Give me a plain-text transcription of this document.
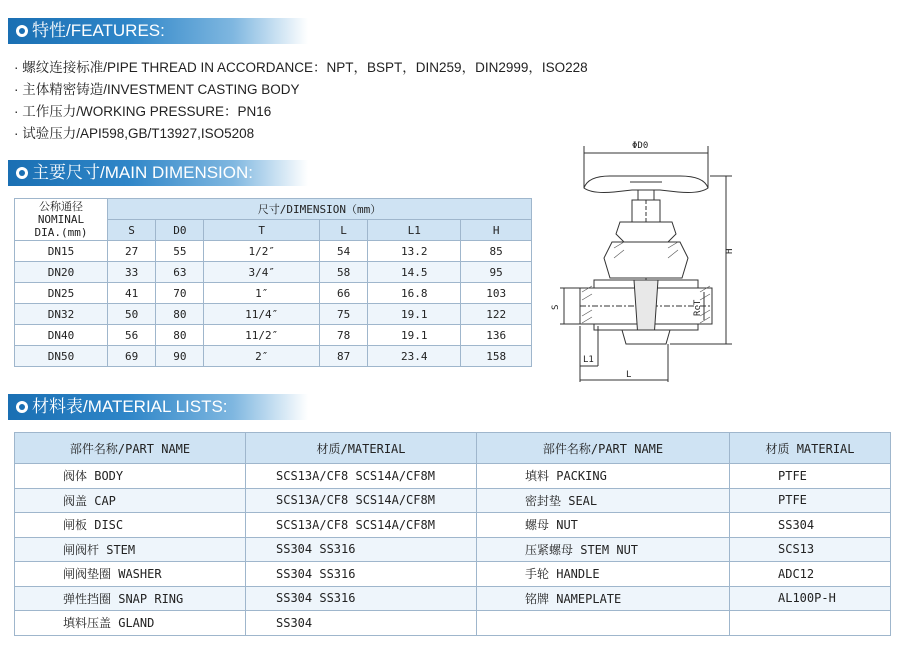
特性/FEATURES:
· 螺纹连接标准/PIPE THREAD IN ACCORDANCE：NPT，BSPT，DIN259，DIN2999，ISO228
· 主体精密铸造/INVESTMENT CASTING BODY
· 工作压力/WORKING PRESSURE：PN16
· 试验压力/API598,GB/T13927,ISO5208
主要尺寸/MAIN DIMENSION:
公称通径
NOMINAL
DIA.(mm)	尺寸/DIMENSION（mm）					
	S	D0	T	L	L1	H
DN15	27	55	1/2″	54	13.2	85
DN20	33	63	3/4″	58	14.5	95
DN25	41	70	1″	66	16.8	103
DN32	50	80	11/4″	75	19.1	122
DN40	56	80	11/2″	78	19.1	136
DN50	69	90	2″	87	23.4	158
ΦD0
H
S	RcT
L1
L
材料表/MATERIAL LISTS:
部件名称/PART NAME	材质/MATERIAL	部件名称/PART NAME	材质 MATERIAL
阀体 BODY	SCS13A/CF8 SCS14A/CF8M	填料 PACKING	PTFE
阀盖 CAP	SCS13A/CF8 SCS14A/CF8M	密封垫 SEAL	PTFE
闸板 DISC	SCS13A/CF8 SCS14A/CF8M	螺母 NUT	SS304
闸阀杆 STEM	SS304 SS316	压紧螺母 STEM NUT	SCS13
闸阀垫圈 WASHER	SS304 SS316	手轮 HANDLE	ADC12
弹性挡圈 SNAP RING	SS304 SS316	铭牌 NAMEPLATE	AL100P-H
填料压盖 GLAND	SS304		
